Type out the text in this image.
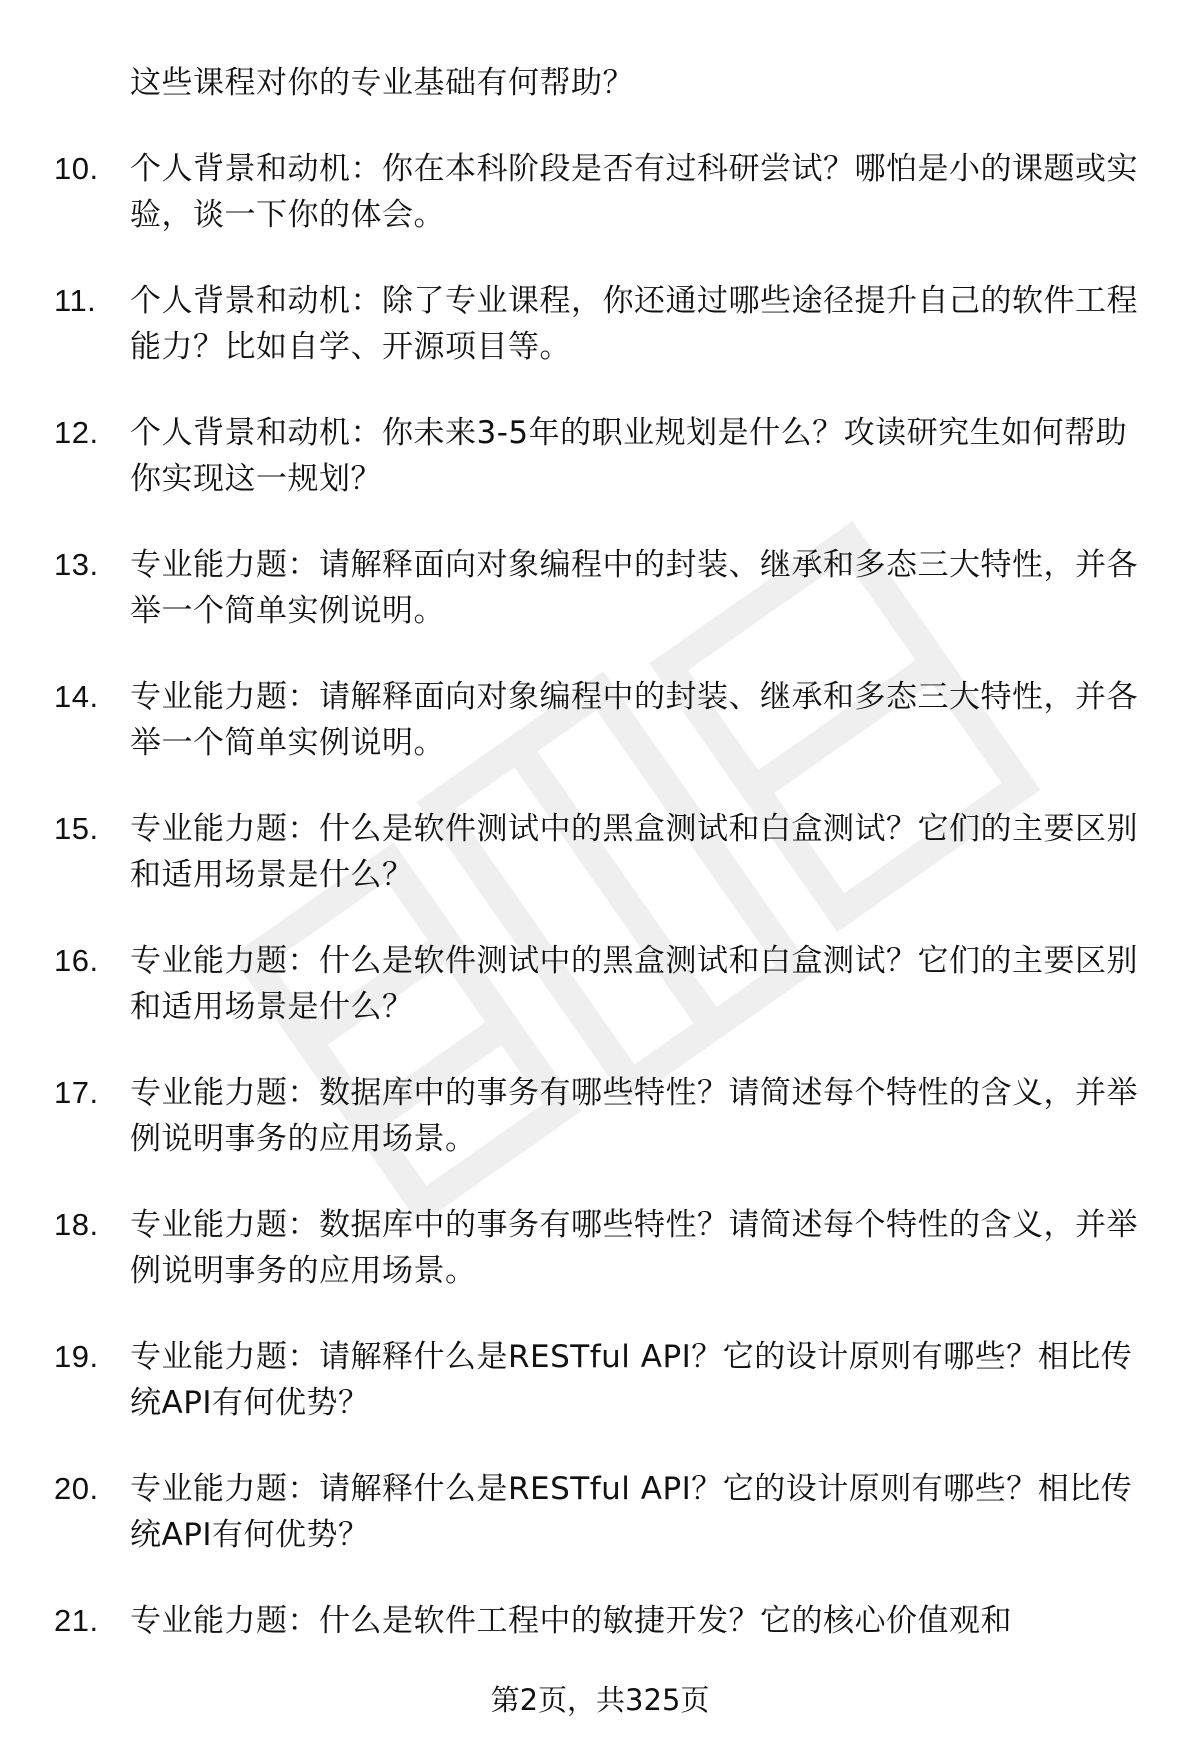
这些课程对你的专业基础有何帮助？
10.	个人背景和动机：你在本科阶段是否有过科研尝试？哪怕是小的课题或实验，谈一下你的体会。
11.	个人背景和动机：除了专业课程，你还通过哪些途径提升自己的软件工程能力？比如自学、开源项目等。
12.	个人背景和动机：你未来3-5年的职业规划是什么？攻读研究生如何帮助你实现这一规划？
13.	专业能力题：请解释面向对象编程中的封装、继承和多态三大特性，并各举一个简单实例说明。
14.	专业能力题：请解释面向对象编程中的封装、继承和多态三大特性，并各举一个简单实例说明。
15.	专业能力题：什么是软件测试中的黑盒测试和白盒测试？它们的主要区别和适用场景是什么？
16.	专业能力题：什么是软件测试中的黑盒测试和白盒测试？它们的主要区别和适用场景是什么？
17.	专业能力题：数据库中的事务有哪些特性？请简述每个特性的含义，并举例说明事务的应用场景。
18.	专业能力题：数据库中的事务有哪些特性？请简述每个特性的含义，并举例说明事务的应用场景。
19.	专业能力题：请解释什么是RESTful API？它的设计原则有哪些？相比传统API有何优势？
20.	专业能力题：请解释什么是RESTful API？它的设计原则有哪些？相比传统API有何优势？
21.	专业能力题：什么是软件工程中的敏捷开发？它的核心价值观和
第2页，共325页
